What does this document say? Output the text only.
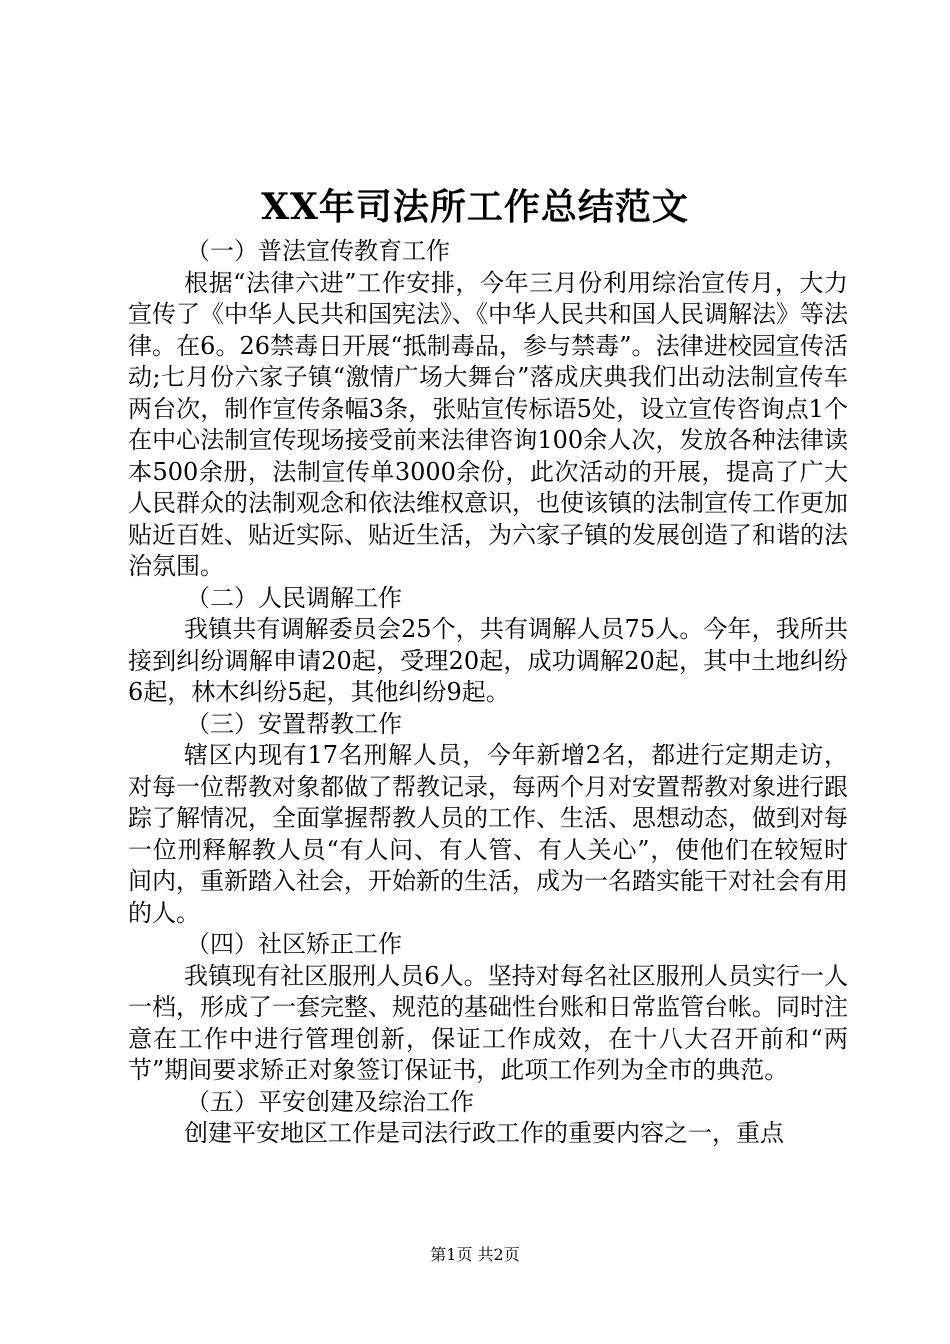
XX年司法所工作总结范文

（一）普法宣传教育工作

根据“法律六进”工作安排，今年三月份利用综治宣传月，大力宣传了《中华人民共和国宪法》、《中华人民共和国人民调解法》等法律。在6。26禁毒日开展“抵制毒品，参与禁毒”。法律进校园宣传活动;七月份六家子镇“激情广场大舞台”落成庆典我们出动法制宣传车两台次，制作宣传条幅3条，张贴宣传标语5处，设立宣传咨询点1个在中心法制宣传现场接受前来法律咨询100余人次，发放各种法律读本500余册，法制宣传单3000余份，此次活动的开展，提高了广大人民群众的法制观念和依法维权意识，也使该镇的法制宣传工作更加贴近百姓、贴近实际、贴近生活，为六家子镇的发展创造了和谐的法治氛围。

（二）人民调解工作

我镇共有调解委员会25个，共有调解人员75人。今年，我所共接到纠纷调解申请20起，受理20起，成功调解20起，其中土地纠纷6起，林木纠纷5起，其他纠纷9起。

（三）安置帮教工作

辖区内现有17名刑解人员，今年新增2名，都进行定期走访，对每一位帮教对象都做了帮教记录，每两个月对安置帮教对象进行跟踪了解情况，全面掌握帮教人员的工作、生活、思想动态，做到对每一位刑释解教人员“有人问、有人管、有人关心”，使他们在较短时间内，重新踏入社会，开始新的生活，成为一名踏实能干对社会有用的人。

（四）社区矫正工作

我镇现有社区服刑人员6人。坚持对每名社区服刑人员实行一人一档，形成了一套完整、规范的基础性台账和日常监管台帐。同时注意在工作中进行管理创新，保证工作成效，在十八大召开前和“两节”期间要求矫正对象签订保证书，此项工作列为全市的典范。

（五）平安创建及综治工作

创建平安地区工作是司法行政工作的重要内容之一，重点

第1页 共2页
